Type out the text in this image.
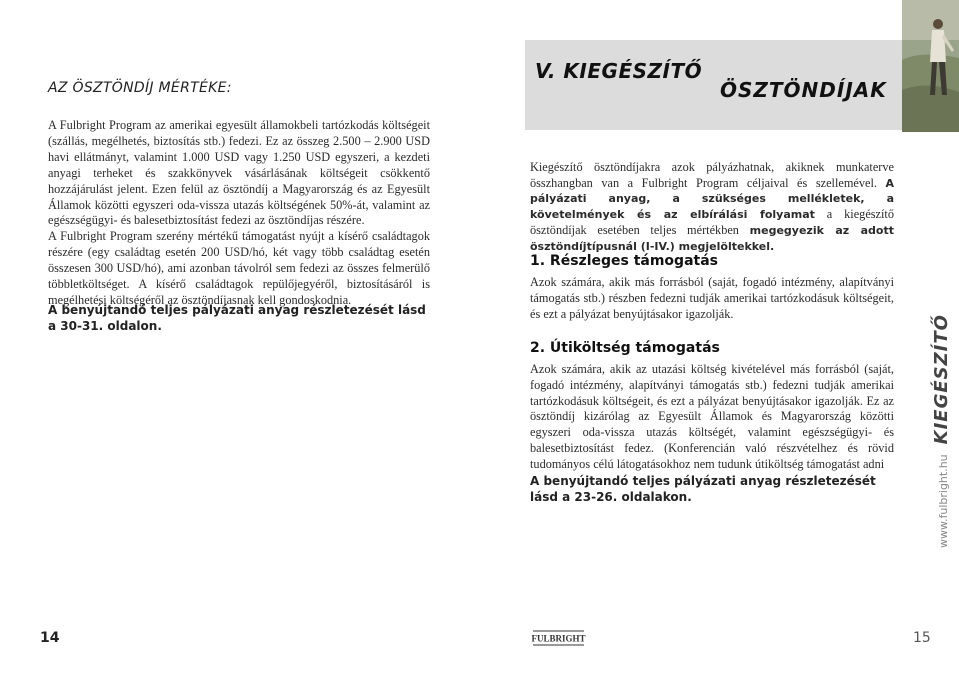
AZ ÖSZTÖNDÍJ MÉRTÉKE:

A Fulbright Program az amerikai egyesült államokbeli tartózkodás költségeit (szállás, megélhetés, biztosítás stb.) fedezi. Ez az összeg 2.500 – 2.900 USD havi ellátmányt, valamint 1.000 USD vagy 1.250 USD egyszeri, a kezdeti anyagi terheket és szakkönyvek vásárlásának költségeit csökkentő hozzájárulást jelent. Ezen felül az ösztöndíj a Magyarország és az Egyesült Államok közötti egyszeri oda-vissza utazás költségének 50%-át, valamint az egészségügyi- és balesetbiztosítást fedezi az ösztöndíjas részére.

A Fulbright Program szerény mértékű támogatást nyújt a kísérő családtagok részére (egy családtag esetén 200 USD/hó, két vagy több családtag esetén összesen 300 USD/hó), ami azonban távolról sem fedezi az összes felmerülő többletköltséget. A kísérő családtagok repülőjegyéről, biztosításáról is megélhetési költségéről az ösztöndíjasnak kell gondoskodnia.

A benyújtandó teljes pályázati anyag részletezését lásd a 30-31. oldalon.
V. KIEGÉSZÍTŐ
ÖSZTÖNDÍJAK
Kiegészítő ösztöndíjakra azok pályázhatnak, akiknek munkaterve összhangban van a Fulbright Program céljaival és szellemével. A pályázati anyag, a szükséges mellékletek, a követelmények és az elbírálási folyamat a kiegészítő ösztöndíjak esetében teljes mértékben megegyezik az adott ösztöndíjtípusnál (I-IV.) megjelöltekkel.
1. Részleges támogatás
Azok számára, akik más forrásból (saját, fogadó intézmény, alapítványi támogatás stb.) részben fedezni tudják amerikai tartózkodásuk költségeit, és ezt a pályázat benyújtásakor igazolják.
2. Útiköltség támogatás
Azok számára, akik az utazási költség kivételével más forrásból (saját, fogadó intézmény, alapítványi támogatás stb.) fedezni tudják amerikai tartózkodásuk költségeit, és ezt a pályázat benyújtásakor igazolják. Ez az ösztöndíj kizárólag az Egyesült Államok és Magyarország közötti egyszeri oda-vissza utazás költségét, valamint egészségügyi- és balesetbiztosítást fedez. (Konferencián való részvételhez és rövid tudományos célú látogatásokhoz nem tudunk útiköltség támogatást adni
A benyújtandó teljes pályázati anyag részletezését lásd a 23-26. oldalakon.	www.fulbright.hu KIEGÉSZÍTŐ
14	FULBRIGHT	15
